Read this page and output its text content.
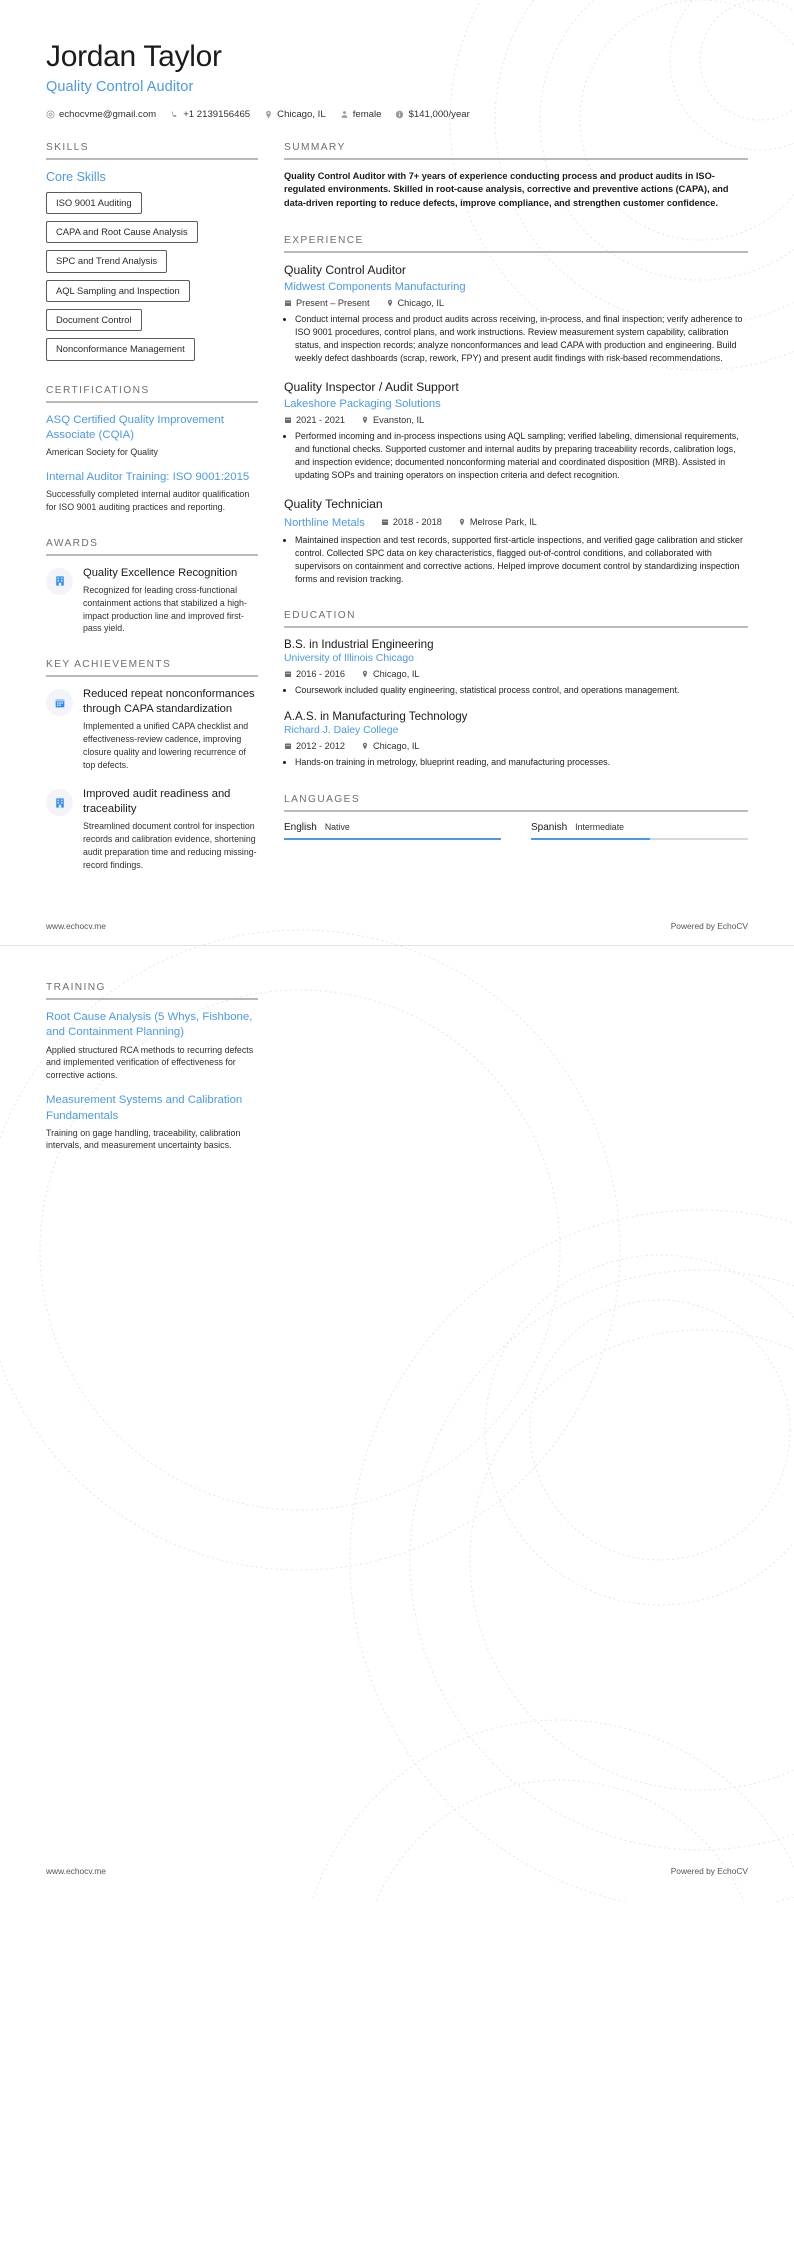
Jordan Taylor
Quality Control Auditor
echocvme@gmail.com	+1 2139156465	Chicago, IL	female	$141,000/year
SKILLS
Core Skills
ISO 9001 Auditing
CAPA and Root Cause Analysis
SPC and Trend Analysis
AQL Sampling and Inspection
Document Control
Nonconformance Management
CERTIFICATIONS
ASQ Certified Quality Improvement Associate (CQIA)
American Society for Quality
Internal Auditor Training: ISO 9001:2015
Successfully completed internal auditor qualification for ISO 9001 auditing practices and reporting.
AWARDS
Quality Excellence Recognition
Recognized for leading cross-functional containment actions that stabilized a high-impact production line and improved first-pass yield.
KEY ACHIEVEMENTS
Reduced repeat nonconformances through CAPA standardization
Implemented a unified CAPA checklist and effectiveness-review cadence, improving closure quality and lowering recurrence of top defects.
Improved audit readiness and traceability
Streamlined document control for inspection records and calibration evidence, shortening audit preparation time and reducing missing-record findings.
SUMMARY
Quality Control Auditor with 7+ years of experience conducting process and product audits in ISO-regulated environments. Skilled in root-cause analysis, corrective and preventive actions (CAPA), and data-driven reporting to reduce defects, improve compliance, and strengthen customer confidence.
EXPERIENCE
Quality Control Auditor
Midwest Components Manufacturing
Present – Present	Chicago, IL
• Conduct internal process and product audits across receiving, in-process, and final inspection; verify adherence to ISO 9001 procedures, control plans, and work instructions. Review measurement system capability, calibration status, and inspection records; analyze nonconformances and lead CAPA with production and engineering. Build weekly defect dashboards (scrap, rework, FPY) and present audit findings with risk-based recommendations.
Quality Inspector / Audit Support
Lakeshore Packaging Solutions
2021 - 2021	Evanston, IL
• Performed incoming and in-process inspections using AQL sampling; verified labeling, dimensional requirements, and functional checks. Supported customer and internal audits by preparing traceability records, calibration logs, and inspection evidence; documented nonconforming material and coordinated disposition (MRB). Assisted in updating SOPs and training operators on inspection criteria and defect recognition.
Quality Technician
Northline Metals	2018 - 2018	Melrose Park, IL
• Maintained inspection and test records, supported first-article inspections, and verified gage calibration and sticker control. Collected SPC data on key characteristics, flagged out-of-control conditions, and collaborated with supervisors on containment and corrective actions. Helped improve document control by standardizing inspection forms and revision tracking.
EDUCATION
B.S. in Industrial Engineering
University of Illinois Chicago
2016 - 2016	Chicago, IL
• Coursework included quality engineering, statistical process control, and operations management.
A.A.S. in Manufacturing Technology
Richard J. Daley College
2012 - 2012	Chicago, IL
• Hands-on training in metrology, blueprint reading, and manufacturing processes.
LANGUAGES
English Native	Spanish Intermediate
www.echocv.me	Powered by EchoCV
TRAINING
Root Cause Analysis (5 Whys, Fishbone, and Containment Planning)
Applied structured RCA methods to recurring defects and implemented verification of effectiveness for corrective actions.
Measurement Systems and Calibration Fundamentals
Training on gage handling, traceability, calibration intervals, and measurement uncertainty basics.
www.echocv.me	Powered by EchoCV
